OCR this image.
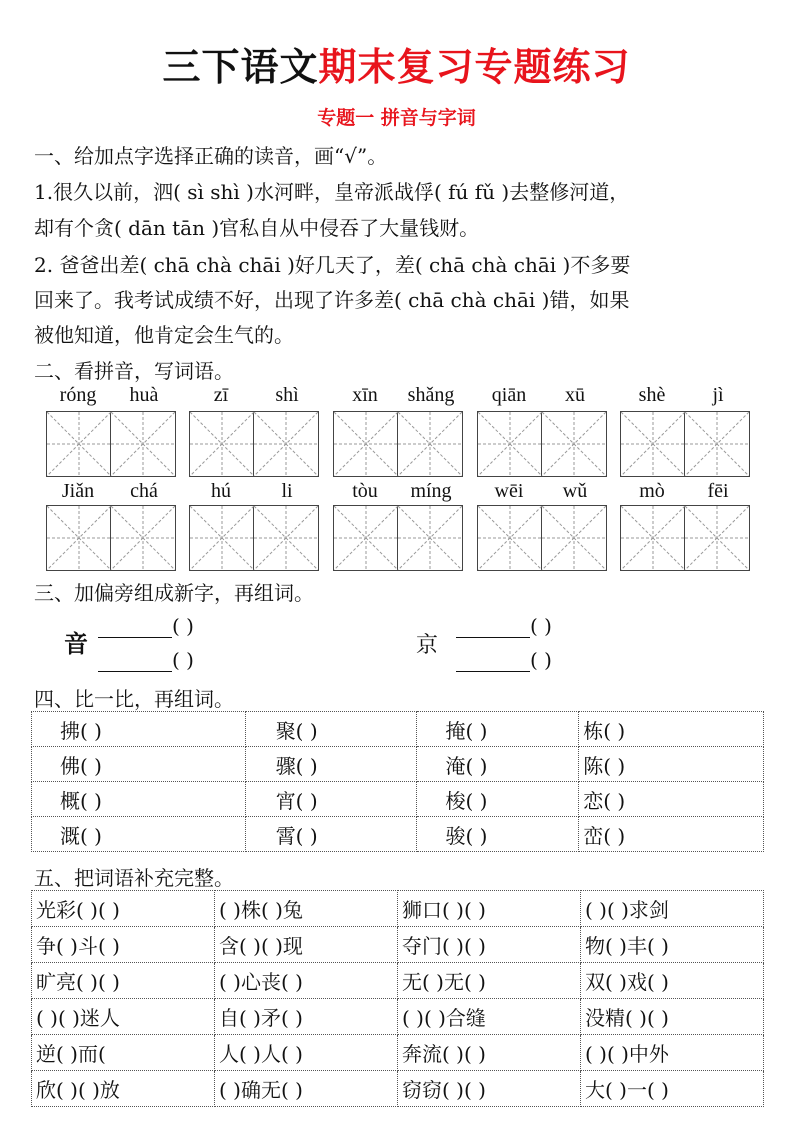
三下语文期末复习专题练习
专题一 拼音与字词
一、给加点字选择正确的读音，画“√”。
1.很久以前，泗( sì shì )水河畔，皇帝派战俘( fú fǔ )去整修河道，
却有个贪( dān tān )官私自从中侵吞了大量钱财。
2. 爸爸出差( chā chà chāi )好几天了，差( chā chà chāi )不多要
回来了。我考试成绩不好，出现了许多差( chā chà chāi )错，如果
被他知道，他肯定会生气的。
二、看拼音，写词语。
róng	huà	zī	shì	xīn	shǎng	qiān	xū	shè	jì
Jiǎn	chá	hú	li	tòu	míng	wēi	wǔ	mò	fēi
三、加偏旁组成新字，再组词。
音
( )
( )
京
( )
( )
四、比一比，再组词。
拂( )	聚( )	掩( )	栋( )
佛( )	骤( )	淹( )	陈( )
概( )	宵( )	梭( )	恋( )
溉( )	霄( )	骏( )	峦( )
五、把词语补充完整。
光彩( )( )	( )株( )兔	狮口( )( )	( )( )求剑
争( )斗( )	含( )( )现	夺门( )( )	物( )丰( )
旷亮( )( )	( )心丧( )	无( )无( )	双( )戏( )
( )( )迷人	自( )矛( )	( )( )合缝	没精( )( )
逆( )而(	人( )人( )	奔流( )( )	( )( )中外
欣( )( )放	( )确无( )	窃窃( )( )	大( )一( )
